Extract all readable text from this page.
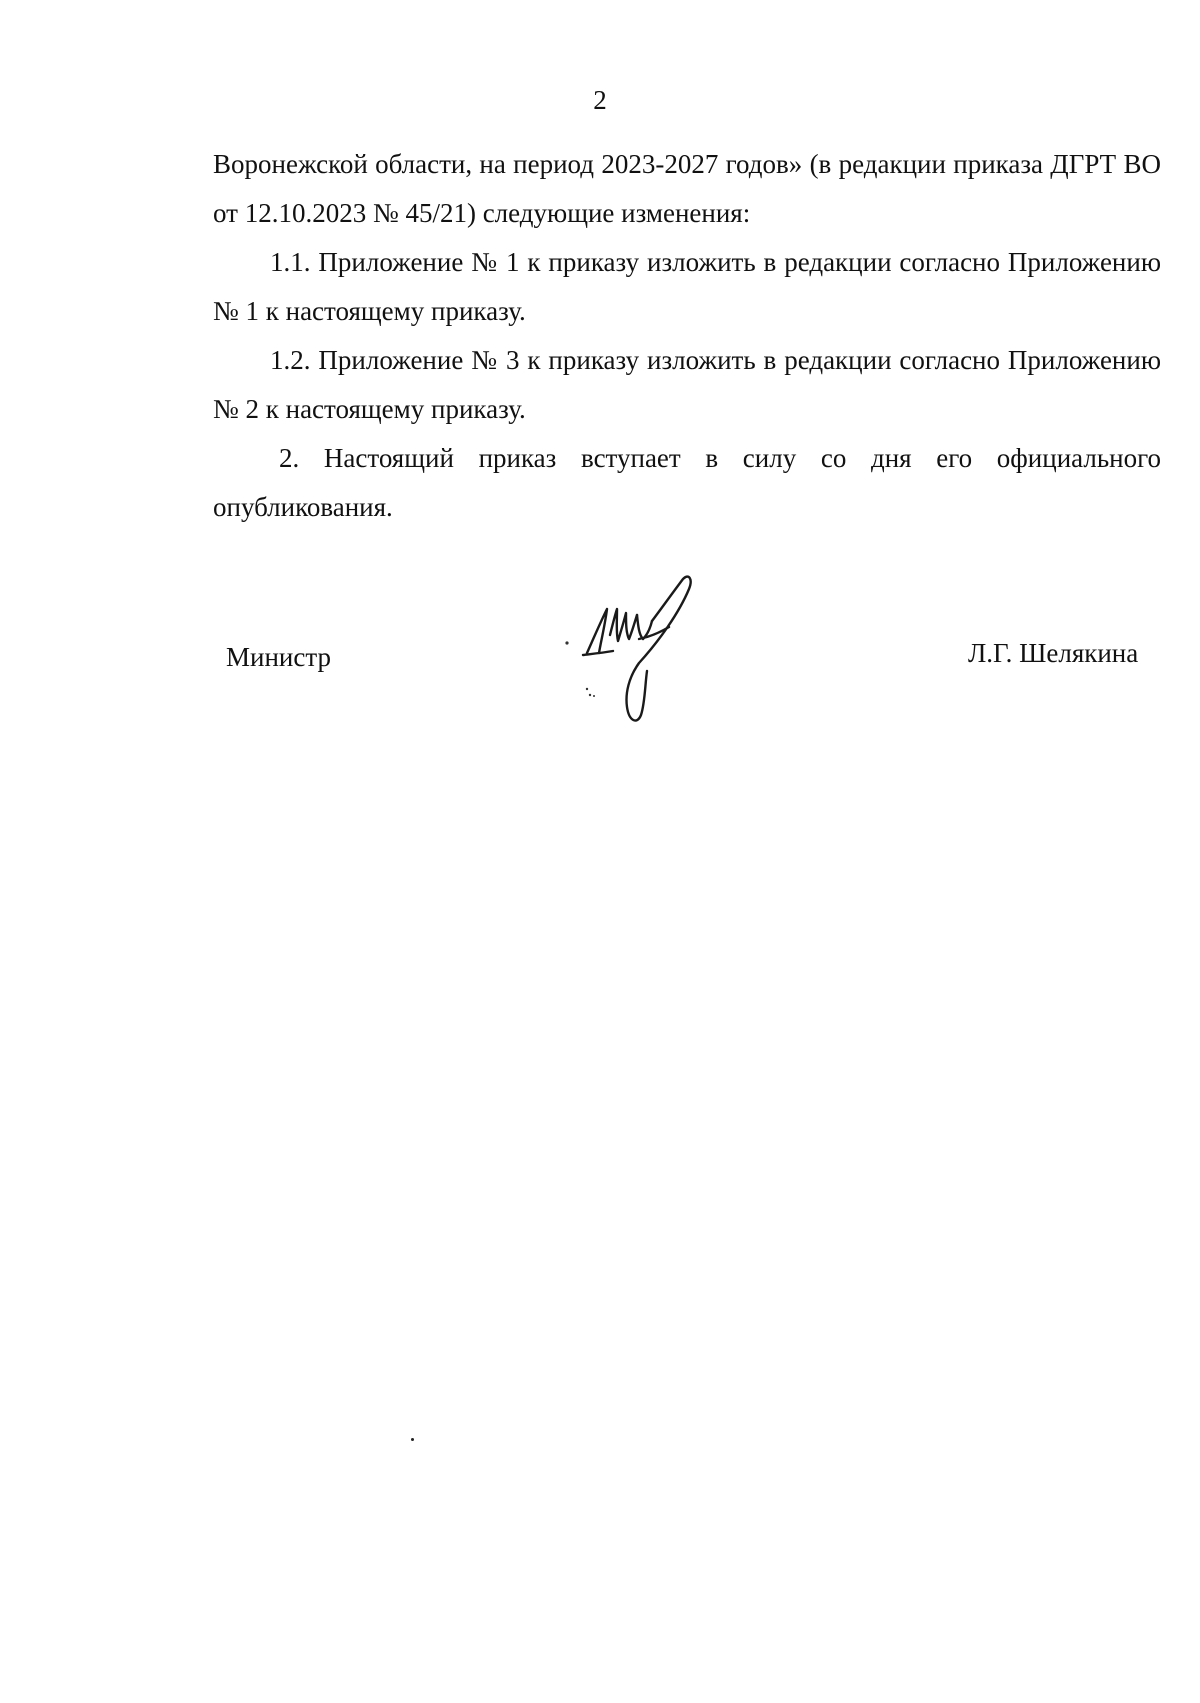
2

Воронежской области, на период 2023-2027 годов» (в редакции приказа ДГРТ ВО от 12.10.2023 № 45/21) следующие изменения:

1.1. Приложение № 1 к приказу изложить в редакции согласно Приложению № 1 к настоящему приказу.

1.2. Приложение № 3 к приказу изложить в редакции согласно Приложению № 2 к настоящему приказу.

2. Настоящий приказ вступает в силу со дня его официального опубликования.

Министр	Л.Г. Шелякина
